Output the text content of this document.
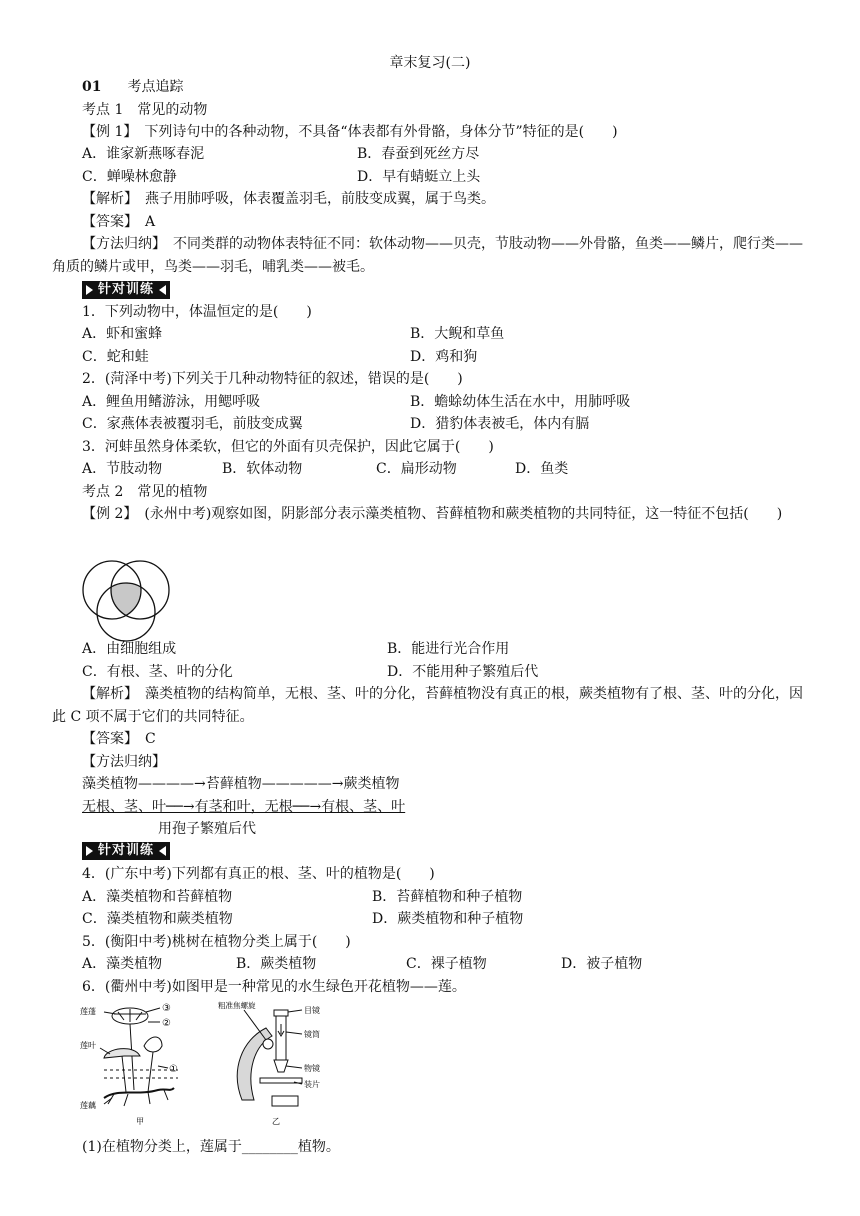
章末复习(二)
01 考点追踪
考点 1　常见的动物
【例 1】　下列诗句中的各种动物，不具备“体表都有外骨骼，身体分节”特征的是(　　)
A．谁家新燕啄春泥	B．春蚕到死丝方尽
C．蝉噪林愈静	D．早有蜻蜓立上头
【解析】　燕子用肺呼吸，体表覆盖羽毛，前肢变成翼，属于鸟类。
【答案】　A
【方法归纳】　不同类群的动物体表特征不同：软体动物——贝壳，节肢动物——外骨骼，鱼类——鳞片，爬行类——角质的鳞片或甲，鸟类——羽毛，哺乳类——被毛。
针对训练
1．下列动物中，体温恒定的是(　　)
A．虾和蜜蜂	B．大鲵和草鱼
C．蛇和蛙	D．鸡和狗
2．(菏泽中考)下列关于几种动物特征的叙述，错误的是(　　)
A．鲤鱼用鳍游泳，用鳃呼吸	B．蟾蜍幼体生活在水中，用肺呼吸
C．家燕体表被覆羽毛，前肢变成翼	D．猎豹体表被毛，体内有膈
3．河蚌虽然身体柔软，但它的外面有贝壳保护，因此它属于(　　)
A．节肢动物	B．软体动物	C．扁形动物	D．鱼类
考点 2　常见的植物
【例 2】　(永州中考)观察如图，阴影部分表示藻类植物、苔藓植物和蕨类植物的共同特征，这一特征不包括(　　)
A．由细胞组成	B．能进行光合作用
C．有根、茎、叶的分化	D．不能用种子繁殖后代
【解析】　藻类植物的结构简单，无根、茎、叶的分化，苔藓植物没有真正的根，蕨类植物有了根、茎、叶的分化，因此 C 项不属于它们的共同特征。
【答案】　C
【方法归纳】
藻类植物————→苔藓植物—————→蕨类植物
无根、茎、叶──→有茎和叶，无根──→有根、茎、叶
用孢子繁殖后代
针对训练
4．(广东中考)下列都有真正的根、茎、叶的植物是(　　)
A．藻类植物和苔藓植物	B．苔藓植物和种子植物
C．藻类植物和蕨类植物	D．蕨类植物和种子植物
5．(衡阳中考)桃树在植物分类上属于(　　)
A．藻类植物	B．蕨类植物	C．裸子植物	D．被子植物
6．(衢州中考)如图甲是一种常见的水生绿色开花植物——莲。
莲蓬	③
②
莲叶
①
莲藕
甲
粗准焦螺旋
目镜
镜筒
物镜
装片
乙
(1)在植物分类上，莲属于________植物。
